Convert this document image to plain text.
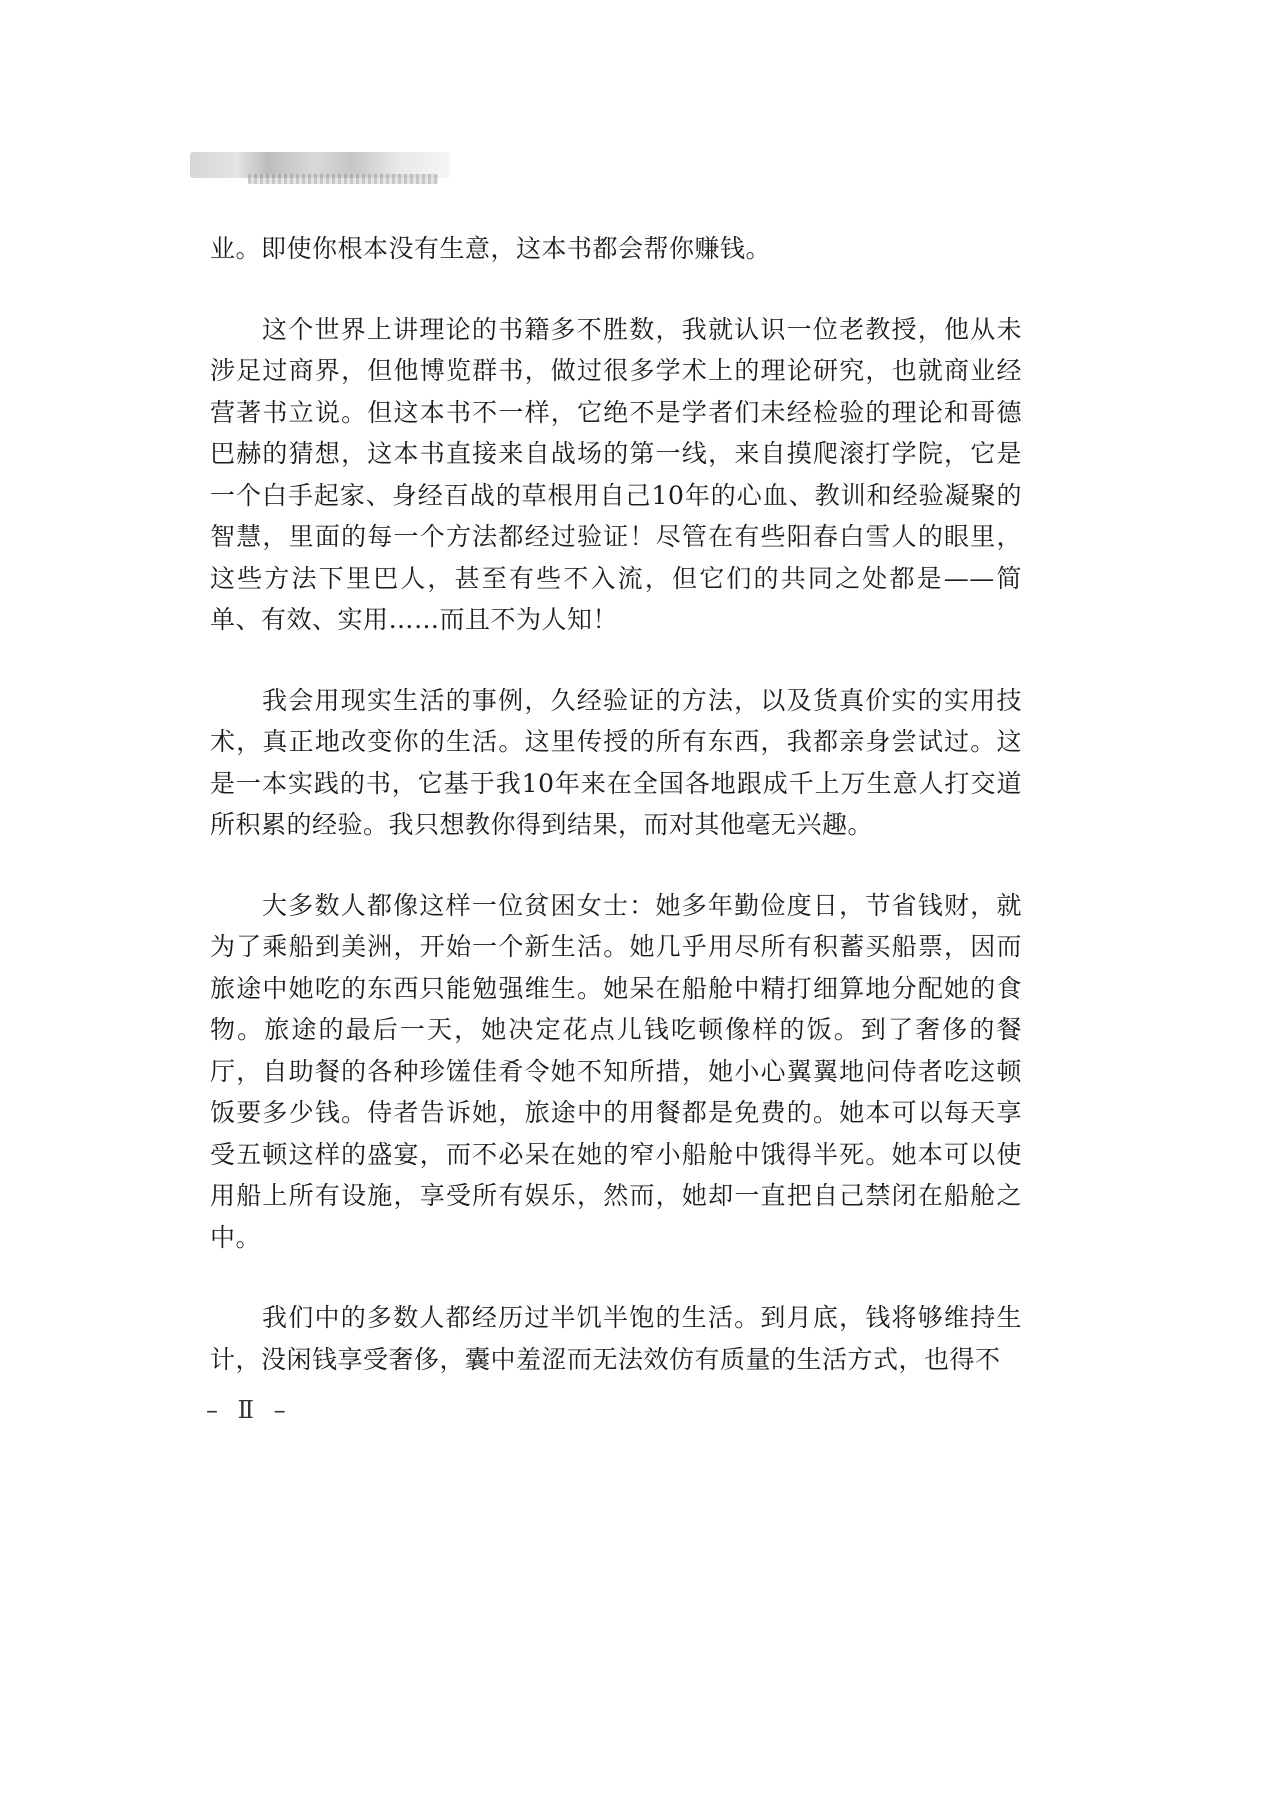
业。即使你根本没有生意，这本书都会帮你赚钱。

这个世界上讲理论的书籍多不胜数，我就认识一位老教授，他从未涉足过商界，但他博览群书，做过很多学术上的理论研究，也就商业经营著书立说。但这本书不一样，它绝不是学者们未经检验的理论和哥德巴赫的猜想，这本书直接来自战场的第一线，来自摸爬滚打学院，它是一个白手起家、身经百战的草根用自己10年的心血、教训和经验凝聚的智慧，里面的每一个方法都经过验证！尽管在有些阳春白雪人的眼里，这些方法下里巴人，甚至有些不入流，但它们的共同之处都是——简单、有效、实用……而且不为人知！

我会用现实生活的事例，久经验证的方法，以及货真价实的实用技术，真正地改变你的生活。这里传授的所有东西，我都亲身尝试过。这是一本实践的书，它基于我10年来在全国各地跟成千上万生意人打交道所积累的经验。我只想教你得到结果，而对其他毫无兴趣。

大多数人都像这样一位贫困女士：她多年勤俭度日，节省钱财，就为了乘船到美洲，开始一个新生活。她几乎用尽所有积蓄买船票，因而旅途中她吃的东西只能勉强维生。她呆在船舱中精打细算地分配她的食物。旅途的最后一天，她决定花点儿钱吃顿像样的饭。到了奢侈的餐厅，自助餐的各种珍馐佳肴令她不知所措，她小心翼翼地问侍者吃这顿饭要多少钱。侍者告诉她，旅途中的用餐都是免费的。她本可以每天享受五顿这样的盛宴，而不必呆在她的窄小船舱中饿得半死。她本可以使用船上所有设施，享受所有娱乐，然而，她却一直把自己禁闭在船舱之中。

我们中的多数人都经历过半饥半饱的生活。到月底，钱将够维持生计，没闲钱享受奢侈，囊中羞涩而无法效仿有质量的生活方式，也得不

– Ⅱ –
